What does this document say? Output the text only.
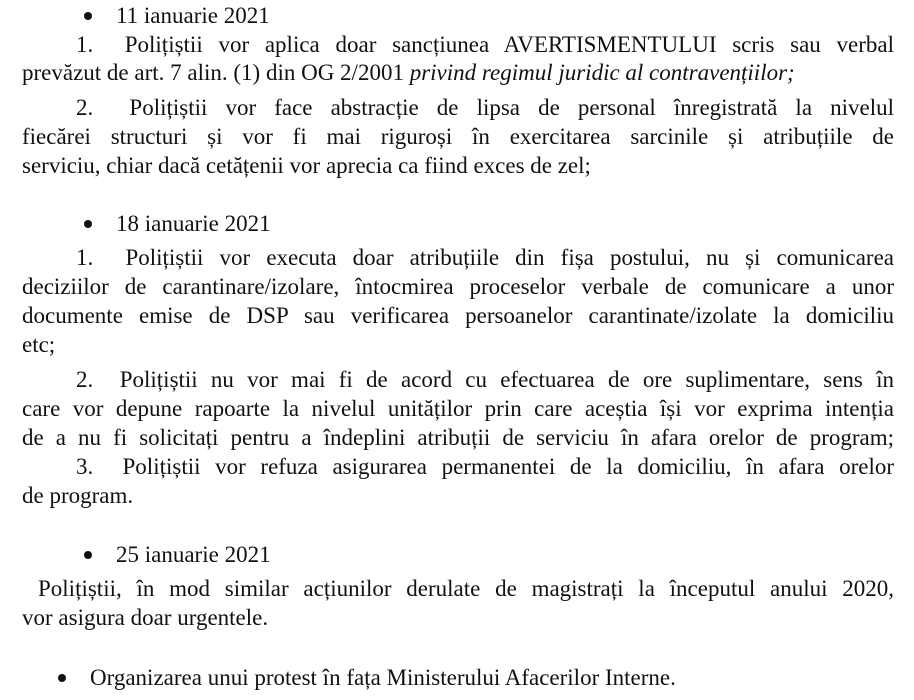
11 ianuarie 2021
1. Polițiștii vor aplica doar sancțiunea AVERTISMENTULUI scris sau verbal
prevăzut de art. 7 alin. (1) din OG 2/2001 privind regimul juridic al contravențiilor;
2. Polițiștii vor face abstracție de lipsa de personal înregistrată la nivelul
fiecărei structuri și vor fi mai riguroși în exercitarea sarcinile și atribuțiile de
serviciu, chiar dacă cetățenii vor aprecia ca fiind exces de zel;
18 ianuarie 2021
1. Polițiștii vor executa doar atribuțiile din fișa postului, nu și comunicarea
deciziilor de carantinare/izolare, întocmirea proceselor verbale de comunicare a unor
documente emise de DSP sau verificarea persoanelor carantinate/izolate la domiciliu
etc;
2. Polițiștii nu vor mai fi de acord cu efectuarea de ore suplimentare, sens în
care vor depune rapoarte la nivelul unităților prin care aceștia își vor exprima intenția
de a nu fi solicitați pentru a îndeplini atribuții de serviciu în afara orelor de program;
3. Polițiștii vor refuza asigurarea permanentei de la domiciliu, în afara orelor
de program.
25 ianuarie 2021
Polițiștii, în mod similar acțiunilor derulate de magistrați la începutul anului 2020,
vor asigura doar urgentele.
Organizarea unui protest în fața Ministerului Afacerilor Interne.
